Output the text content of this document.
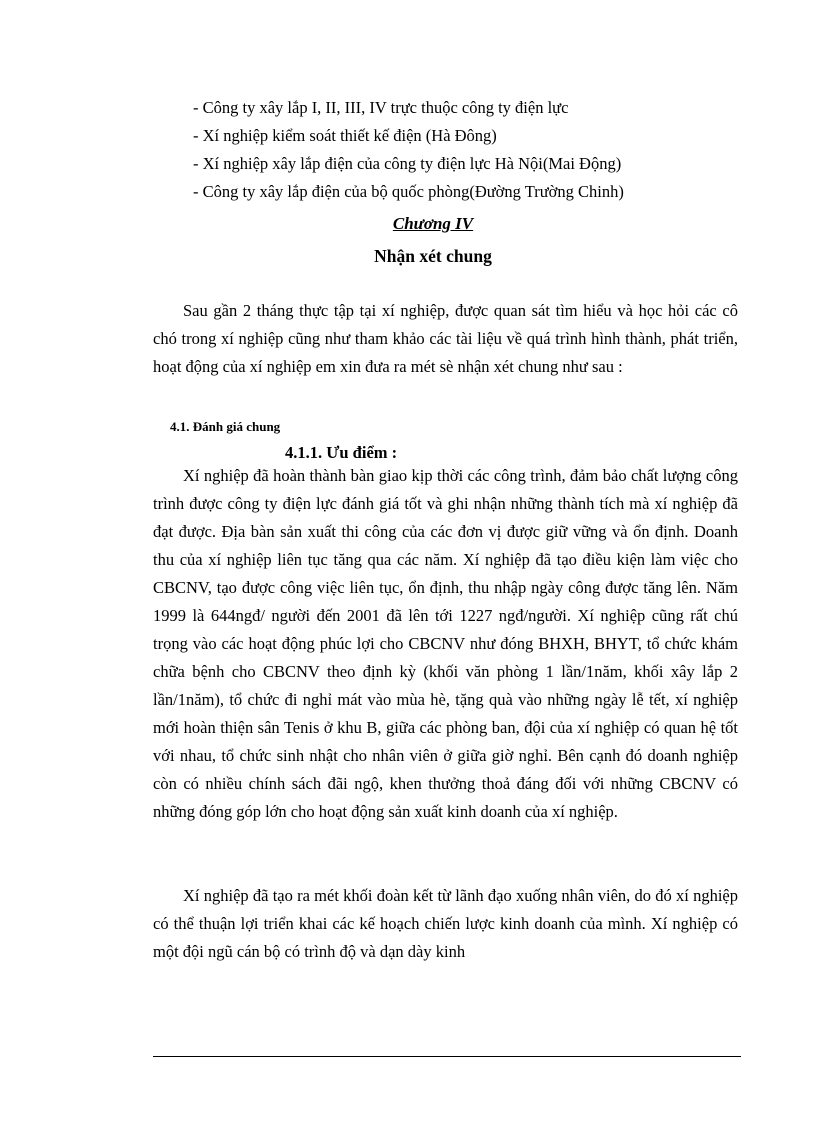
- Công ty xây lắp I, II, III, IV trực thuộc công ty điện lực
- Xí nghiệp kiểm soát thiết kế điện (Hà Đông)
- Xí nghiệp xây lắp điện của công ty điện lực Hà Nội(Mai Động)
- Công ty xây lắp điện của bộ quốc phòng(Đường Trường Chinh)

Chương IV

Nhận xét chung

Sau gần 2 tháng thực tập tại xí nghiệp, được quan sát tìm hiểu và học hỏi các cô chó trong xí nghiệp cũng như tham khảo các tài liệu về quá trình hình thành, phát triển, hoạt động của xí nghiệp em xin đưa ra mét sè nhận xét chung như sau :

4.1. Đánh giá chung

4.1.1. Ưu điểm :

Xí nghiệp đã hoàn thành bàn giao kịp thời các công trình, đảm bảo chất lượng công trình được công ty điện lực đánh giá tốt và ghi nhận những thành tích mà xí nghiệp đã đạt được. Địa bàn sản xuất thi công của các đơn vị được giữ vững và ổn định. Doanh thu của xí nghiệp liên tục tăng qua các năm. Xí nghiệp đã tạo điều kiện làm việc cho CBCNV, tạo được công việc liên tục, ổn định, thu nhập ngày công được tăng lên. Năm 1999 là 644ngđ/ người đến 2001 đã lên tới 1227 ngđ/người. Xí nghiệp cũng rất chú trọng vào các hoạt động phúc lợi cho CBCNV như đóng BHXH, BHYT, tổ chức khám chữa bệnh cho CBCNV theo định kỳ (khối văn phòng 1 lần/1năm, khối xây lắp 2 lần/1năm), tổ chức đi nghỉ mát vào mùa hè, tặng quà vào những ngày lễ tết, xí nghiệp mới hoàn thiện sân Tenis ở khu B, giữa các phòng ban, đội của xí nghiệp có quan hệ tốt với nhau, tổ chức sinh nhật cho nhân viên ở giữa giờ nghỉ. Bên cạnh đó doanh nghiệp còn có nhiều chính sách đãi ngộ, khen thưởng thoả đáng đối với những CBCNV có những đóng góp lớn cho hoạt động sản xuất kinh doanh của xí nghiệp.

Xí nghiệp đã tạo ra mét khối đoàn kết từ lãnh đạo xuống nhân viên, do đó xí nghiệp có thể thuận lợi triển khai các kế hoạch chiến lược kinh doanh của mình. Xí nghiệp có một đội ngũ cán bộ có trình độ và dạn dày kinh
